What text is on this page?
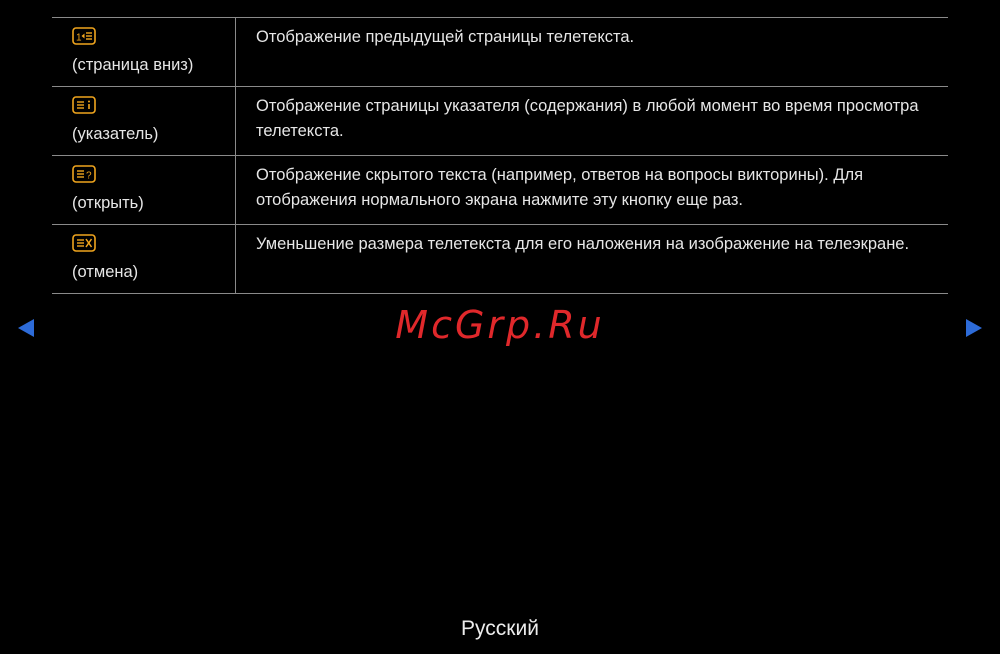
1
(страница вниз)
Отображение предыдущей страницы телетекста.
(указатель)
Отображение страницы указателя (содержания) в любой момент во время просмотра телетекста.
?
(открыть)
Отображение скрытого текста (например, ответов на вопросы викторины). Для отображения нормального экрана нажмите эту кнопку еще раз.
(отмена)
Уменьшение размера телетекста для его наложения на изображение на телеэкране.
McGrp.Ru
Русский
